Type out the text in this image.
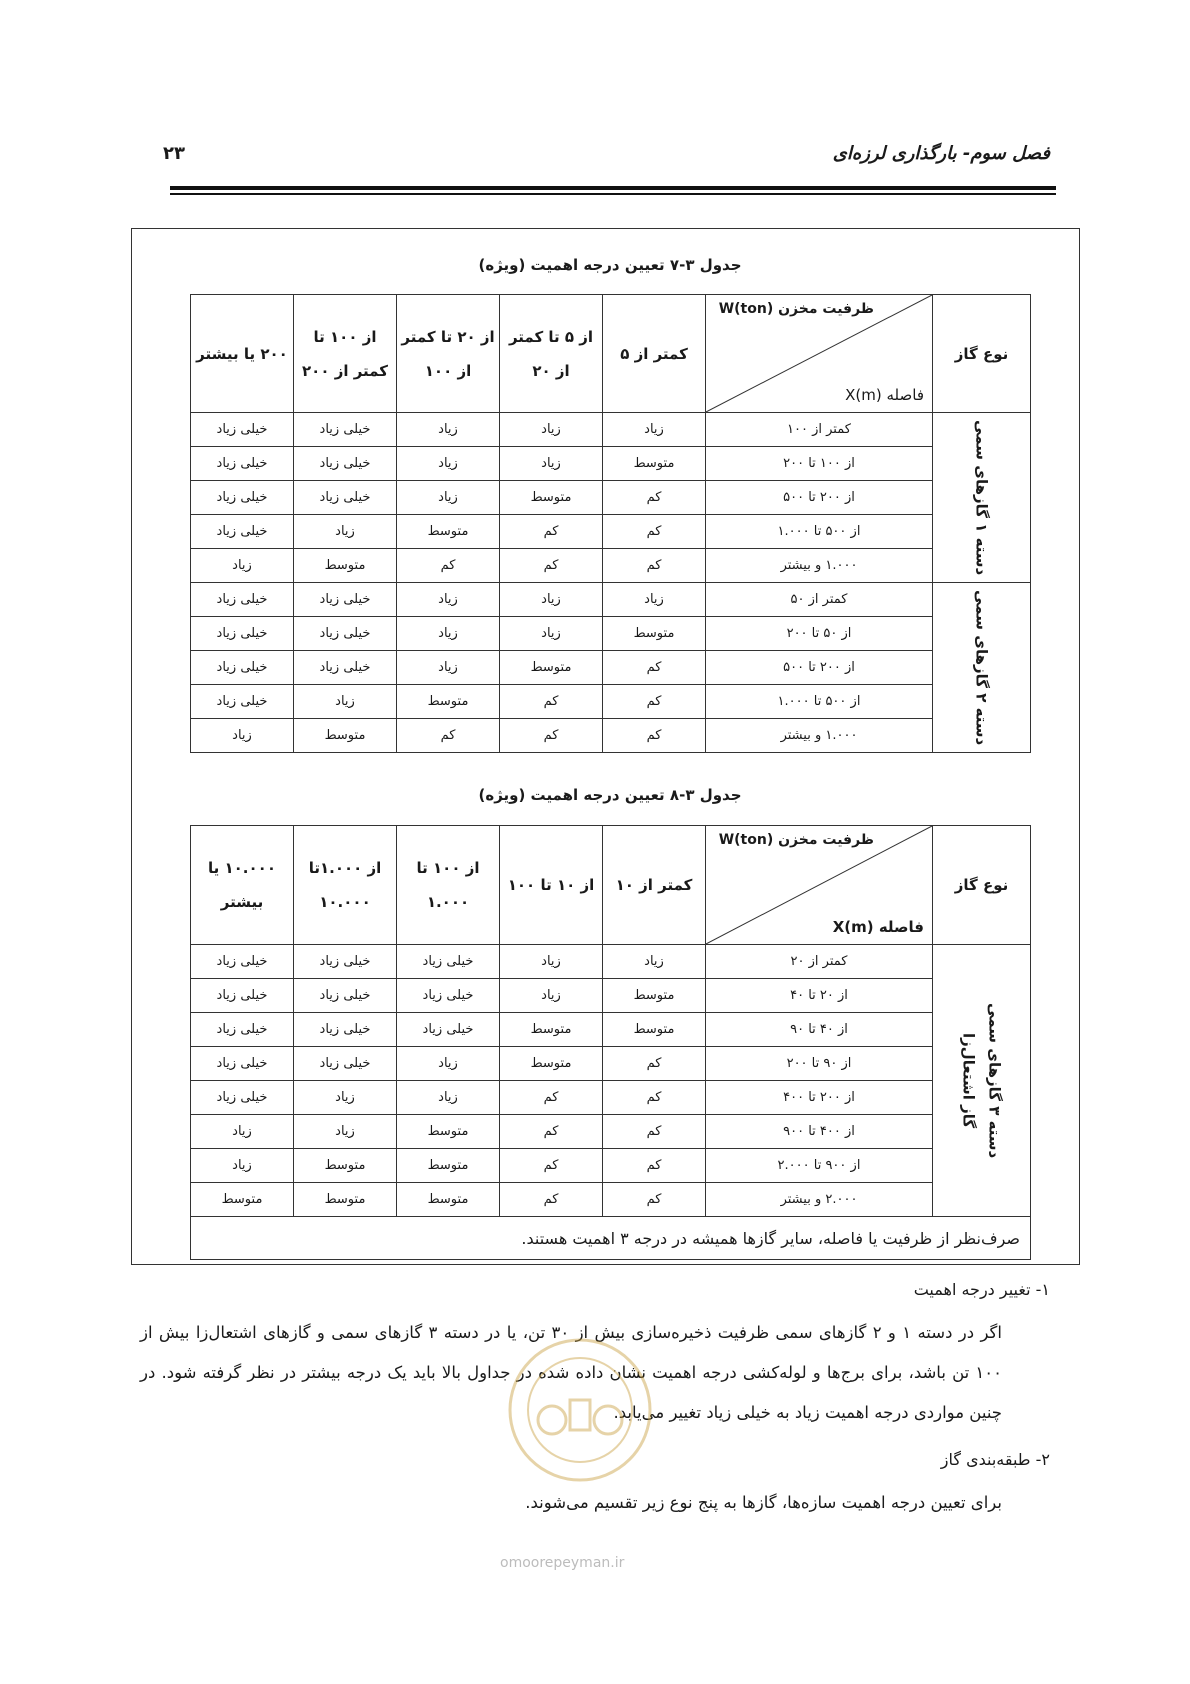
فصل سوم- بارگذاری لرزه‌ای
۲۳
جدول ۳-۷ تعیین درجه اهمیت (ویژه)
نوع گاز	ظرفیت مخزن W(ton)
فاصله X(m)	کمتر از ۵	از ۵ تا کمتر از ۲۰	از ۲۰ تا کمتر از ۱۰۰	از ۱۰۰ تا کمتر از ۲۰۰	۲۰۰ یا بیشتر

دسته ۱ گازهای سمی	کمتر از ۱۰۰	زیاد	زیاد	زیاد	خیلی زیاد	خیلی زیاد
	از ۱۰۰ تا ۲۰۰	متوسط	زیاد	زیاد	خیلی زیاد	خیلی زیاد
	از ۲۰۰ تا ۵۰۰	کم	متوسط	زیاد	خیلی زیاد	خیلی زیاد
	از ۵۰۰ تا ۱.۰۰۰	کم	کم	متوسط	زیاد	خیلی زیاد
	۱.۰۰۰ و بیشتر	کم	کم	کم	متوسط	زیاد

دسته ۲ گازهای سمی	کمتر از ۵۰	زیاد	زیاد	زیاد	خیلی زیاد	خیلی زیاد
	از ۵۰ تا ۲۰۰	متوسط	زیاد	زیاد	خیلی زیاد	خیلی زیاد
	از ۲۰۰ تا ۵۰۰	کم	متوسط	زیاد	خیلی زیاد	خیلی زیاد
	از ۵۰۰ تا ۱.۰۰۰	کم	کم	متوسط	زیاد	خیلی زیاد
	۱.۰۰۰ و بیشتر	کم	کم	کم	متوسط	زیاد
جدول ۳-۸ تعیین درجه اهمیت (ویژه)
نوع گاز	ظرفیت مخزن W(ton)
فاصله X(m)	کمتر از ۱۰	از ۱۰ تا ۱۰۰	از ۱۰۰ تا ۱.۰۰۰	از ۱.۰۰۰تا ۱۰.۰۰۰	۱۰.۰۰۰ یا بیشتر

دسته ۳ گازهای سمی
گاز اشتعال‌زا	کمتر از ۲۰	زیاد	زیاد	خیلی زیاد	خیلی زیاد	خیلی زیاد
	از ۲۰ تا ۴۰	متوسط	زیاد	خیلی زیاد	خیلی زیاد	خیلی زیاد
	از ۴۰ تا ۹۰	متوسط	متوسط	خیلی زیاد	خیلی زیاد	خیلی زیاد
	از ۹۰ تا ۲۰۰	کم	متوسط	زیاد	خیلی زیاد	خیلی زیاد
	از ۲۰۰ تا ۴۰۰	کم	کم	زیاد	زیاد	خیلی زیاد
	از ۴۰۰ تا ۹۰۰	کم	کم	متوسط	زیاد	زیاد
	از ۹۰۰ تا ۲.۰۰۰	کم	کم	متوسط	متوسط	زیاد
	۲.۰۰۰ و بیشتر	کم	کم	متوسط	متوسط	متوسط
صرف‌نظر از ظرفیت یا فاصله، سایر گازها همیشه در درجه ۳ اهمیت هستند.						
۱- تغییر درجه اهمیت
اگر در دسته ۱ و ۲ گازهای سمی ظرفیت ذخیره‌سازی بیش از ۳۰ تن، یا در دسته ۳ گازهای سمی و گازهای اشتعال‌زا بیش از ۱۰۰ تن باشد، برای برج‌ها و لوله‌کشی درجه اهمیت نشان داده شده در جداول بالا باید یک درجه بیشتر در نظر گرفته شود. در چنین مواردی درجه اهمیت زیاد به خیلی زیاد تغییر می‌یابد.
۲- طبقه‌بندی گاز
برای تعیین درجه اهمیت سازه‌ها، گازها به پنج نوع زیر تقسیم می‌شوند.
omoorepeyman.ir
